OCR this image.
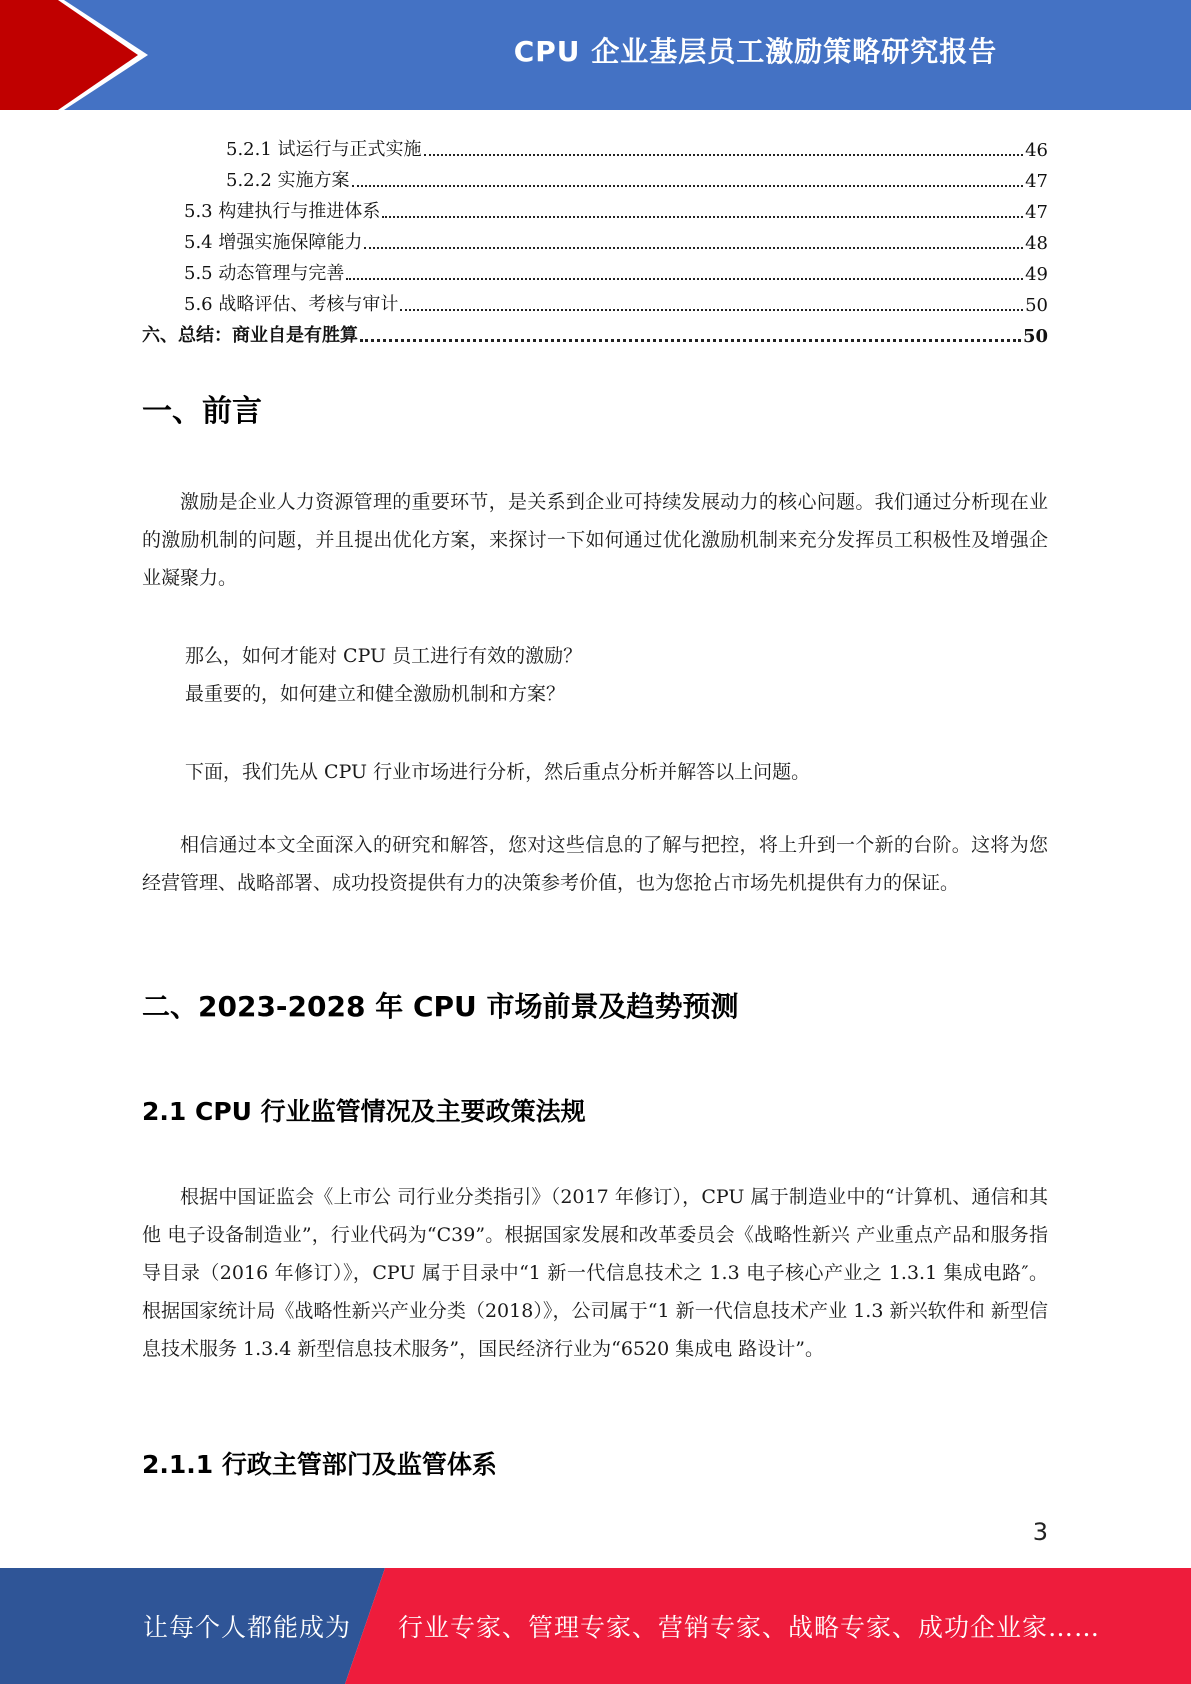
CPU 企业基层员工激励策略研究报告
5.2.1 试运行与正式实施	46
5.2.2 实施方案	47
5.3 构建执行与推进体系	47
5.4 增强实施保障能力	48
5.5 动态管理与完善	49
5.6 战略评估、考核与审计	50
六、总结：商业自是有胜算	50
一、前言
激励是企业人力资源管理的重要环节，是关系到企业可持续发展动力的核心问题。我们通过分析现在业的激励机制的问题，并且提出优化方案，来探讨一下如何通过优化激励机制来充分发挥员工积极性及增强企业凝聚力。
那么，如何才能对 CPU 员工进行有效的激励？
最重要的，如何建立和健全激励机制和方案？
下面，我们先从 CPU 行业市场进行分析，然后重点分析并解答以上问题。
相信通过本文全面深入的研究和解答，您对这些信息的了解与把控，将上升到一个新的台阶。这将为您经营管理、战略部署、成功投资提供有力的决策参考价值，也为您抢占市场先机提供有力的保证。
二、2023-2028 年 CPU 市场前景及趋势预测
2.1 CPU 行业监管情况及主要政策法规
根据中国证监会《上市公 司行业分类指引》（2017 年修订），CPU 属于制造业中的“计算机、通信和其他 电子设备制造业”，行业代码为“C39”。根据国家发展和改革委员会《战略性新兴 产业重点产品和服务指导目录（2016 年修订）》，CPU 属于目录中“1 新一代信息技术之 1.3 电子核心产业之 1.3.1 集成电路″。根据国家统计局《战略性新兴产业分类（2018）》，公司属于“1 新一代信息技术产业 1.3 新兴软件和 新型信息技术服务 1.3.4 新型信息技术服务”，国民经济行业为“6520 集成电 路设计”。
2.1.1 行政主管部门及监管体系
3
让每个人都能成为 行业专家、管理专家、营销专家、战略专家、成功企业家……
